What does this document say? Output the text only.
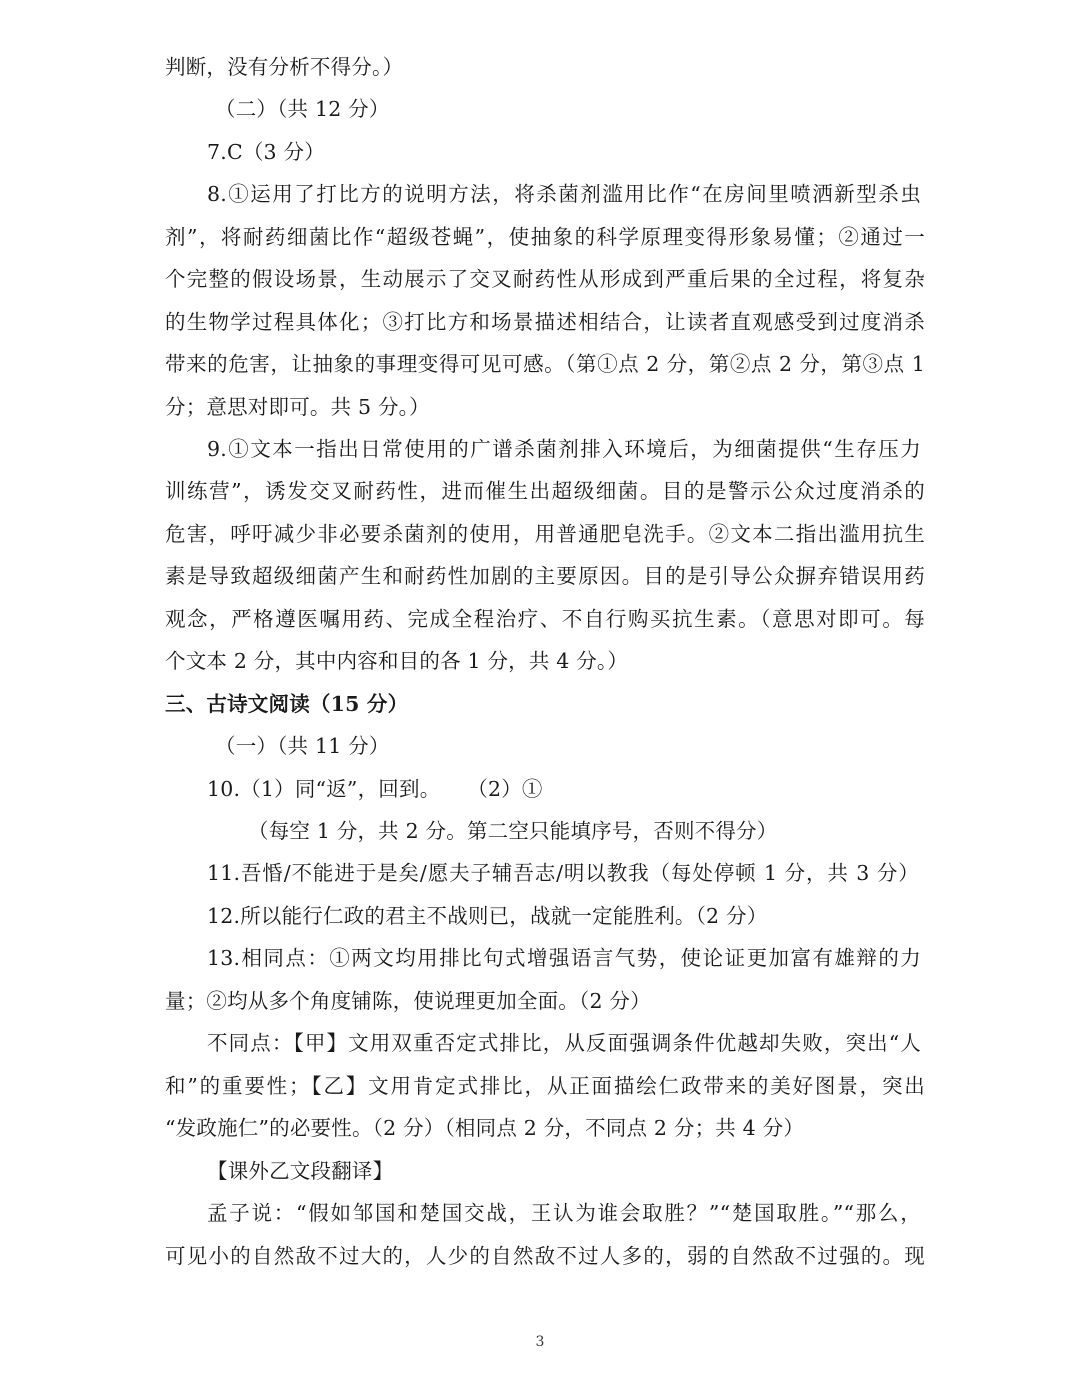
判断，没有分析不得分。）
（二）（共 12 分）
7.C（3 分）
8.①运用了打比方的说明方法，将杀菌剂滥用比作“在房间里喷洒新型杀虫
剂”，将耐药细菌比作“超级苍蝇”，使抽象的科学原理变得形象易懂；②通过一
个完整的假设场景，生动展示了交叉耐药性从形成到严重后果的全过程，将复杂
的生物学过程具体化；③打比方和场景描述相结合，让读者直观感受到过度消杀
带来的危害，让抽象的事理变得可见可感。（第①点 2 分，第②点 2 分，第③点 1
分；意思对即可。共 5 分。）
9.①文本一指出日常使用的广谱杀菌剂排入环境后，为细菌提供“生存压力
训练营”，诱发交叉耐药性，进而催生出超级细菌。目的是警示公众过度消杀的
危害，呼吁减少非必要杀菌剂的使用，用普通肥皂洗手。②文本二指出滥用抗生
素是导致超级细菌产生和耐药性加剧的主要原因。目的是引导公众摒弃错误用药
观念，严格遵医嘱用药、完成全程治疗、不自行购买抗生素。（意思对即可。每
个文本 2 分，其中内容和目的各 1 分，共 4 分。）
三、古诗文阅读（15 分）
（一）（共 11 分）
10.（1）同“返”，回到。    （2）①
（每空 1 分，共 2 分。第二空只能填序号，否则不得分）
11.吾惛/不能进于是矣/愿夫子辅吾志/明以教我（每处停顿 1 分，共 3 分）
12.所以能行仁政的君主不战则已，战就一定能胜利。（2 分）
13.相同点：①两文均用排比句式增强语言气势，使论证更加富有雄辩的力
量；②均从多个角度铺陈，使说理更加全面。（2 分）
不同点：【甲】文用双重否定式排比，从反面强调条件优越却失败，突出“人
和”的重要性；【乙】文用肯定式排比，从正面描绘仁政带来的美好图景，突出
“发政施仁”的必要性。（2 分）（相同点 2 分，不同点 2 分；共 4 分）
【课外乙文段翻译】
孟子说：“假如邹国和楚国交战，王认为谁会取胜？”“楚国取胜。”“那么，
可见小的自然敌不过大的，人少的自然敌不过人多的，弱的自然敌不过强的。现
3
